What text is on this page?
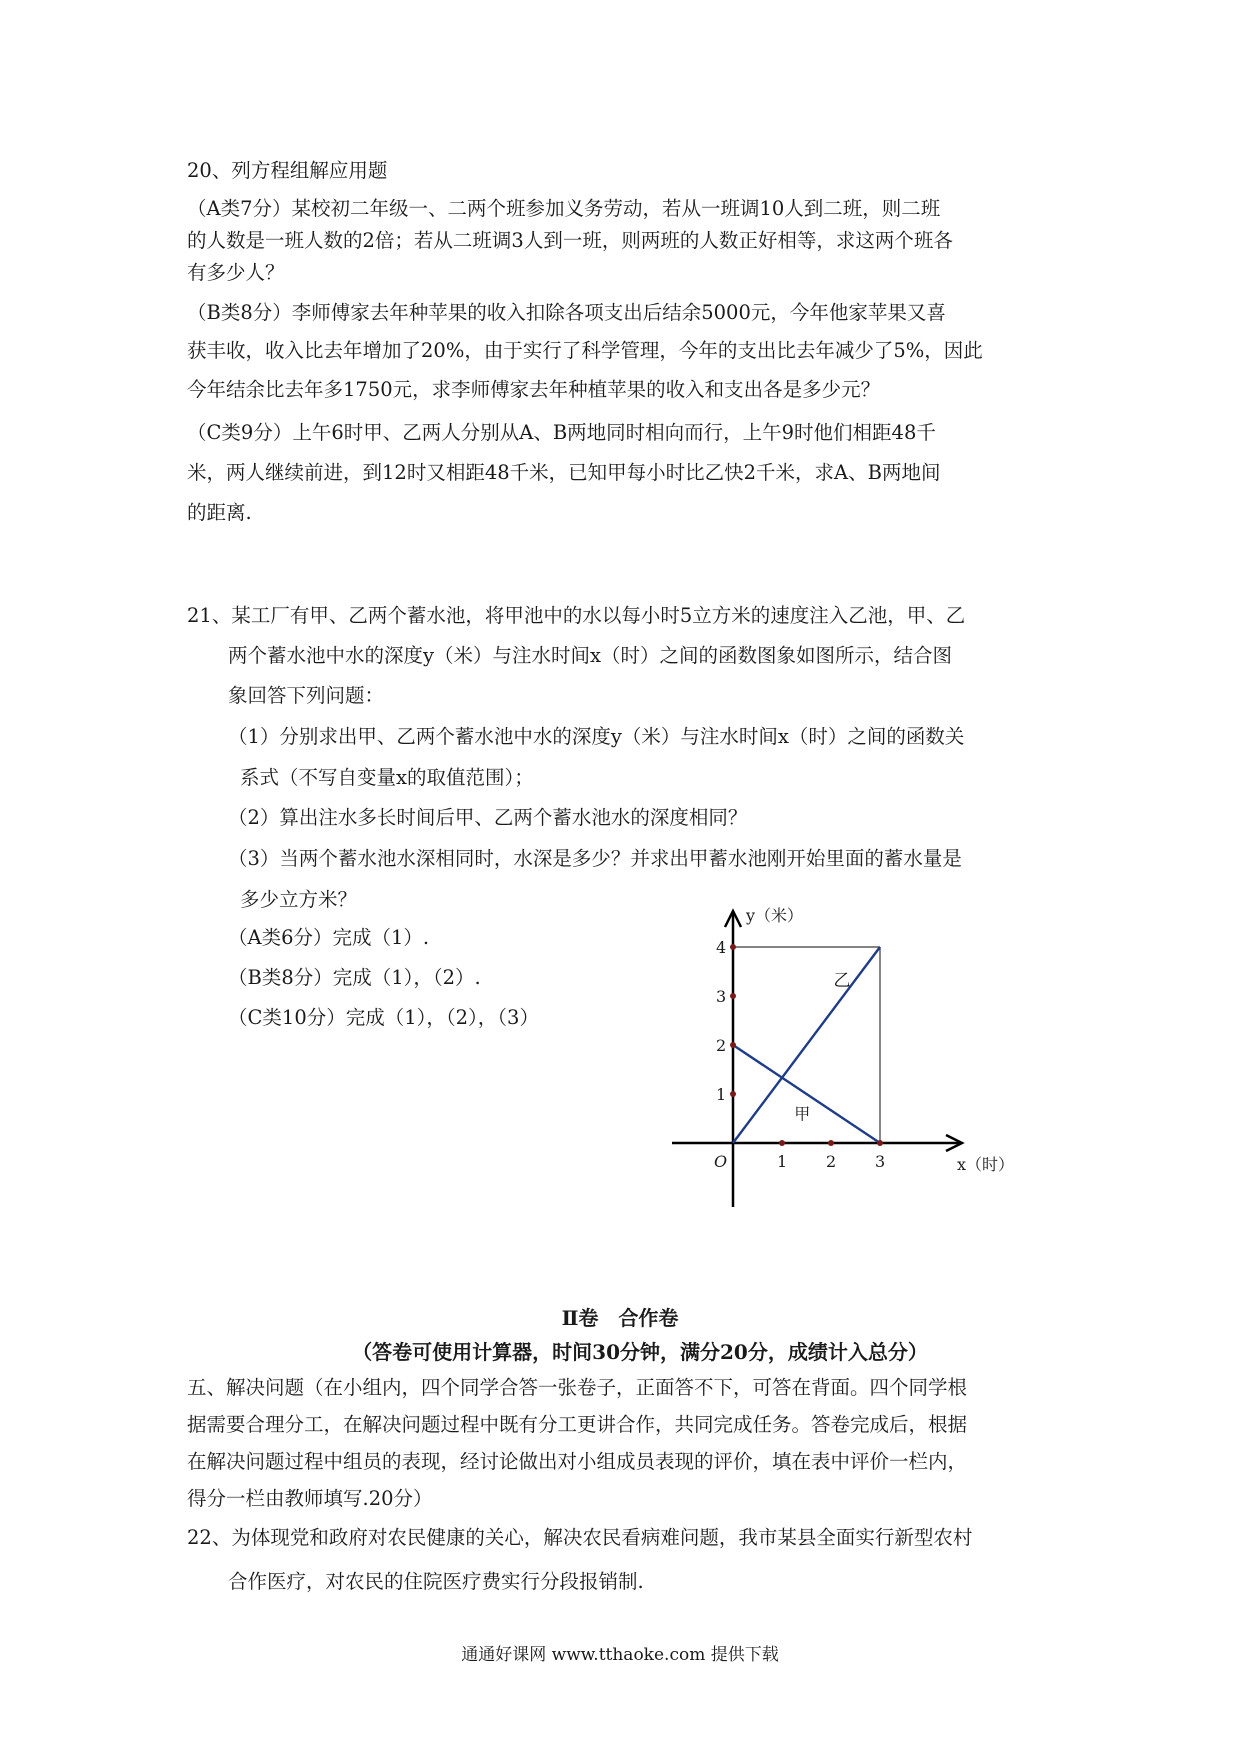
20、列方程组解应用题
（A类7分）某校初二年级一、二两个班参加义务劳动，若从一班调10人到二班，则二班
的人数是一班人数的2倍；若从二班调3人到一班，则两班的人数正好相等，求这两个班各
有多少人？
（B类8分）李师傅家去年种苹果的收入扣除各项支出后结余5000元，今年他家苹果又喜
获丰收，收入比去年增加了20%，由于实行了科学管理，今年的支出比去年减少了5%，因此
今年结余比去年多1750元，求李师傅家去年种植苹果的收入和支出各是多少元？
（C类9分）上午6时甲、乙两人分别从A、B两地同时相向而行，上午9时他们相距48千
米，两人继续前进，到12时又相距48千米，已知甲每小时比乙快2千米，求A、B两地间
的距离.
21、某工厂有甲、乙两个蓄水池，将甲池中的水以每小时5立方米的速度注入乙池，甲、乙
两个蓄水池中水的深度y（米）与注水时间x（时）之间的函数图象如图所示，结合图
象回答下列问题：
（1）分别求出甲、乙两个蓄水池中水的深度y（米）与注水时间x（时）之间的函数关
系式（不写自变量x的取值范围）；
（2）算出注水多长时间后甲、乙两个蓄水池水的深度相同？
（3）当两个蓄水池水深相同时，水深是多少？并求出甲蓄水池刚开始里面的蓄水量是
多少立方米？
（A类6分）完成（1）.
（B类8分）完成（1），（2）.
（C类10分）完成（1），（2），（3）
乙
甲
1 2 3
1
2
3
4
O	x（时）
y（米）
Ⅱ卷　合作卷
（答卷可使用计算器，时间30分钟，满分20分，成绩计入总分）
五、解决问题（在小组内，四个同学合答一张卷子，正面答不下，可答在背面。四个同学根
据需要合理分工，在解决问题过程中既有分工更讲合作，共同完成任务。答卷完成后，根据
在解决问题过程中组员的表现，经讨论做出对小组成员表现的评价，填在表中评价一栏内，
得分一栏由教师填写.20分）
22、为体现党和政府对农民健康的关心，解决农民看病难问题，我市某县全面实行新型农村
合作医疗，对农民的住院医疗费实行分段报销制.
通通好课网 www.tthaoke.com 提供下载
